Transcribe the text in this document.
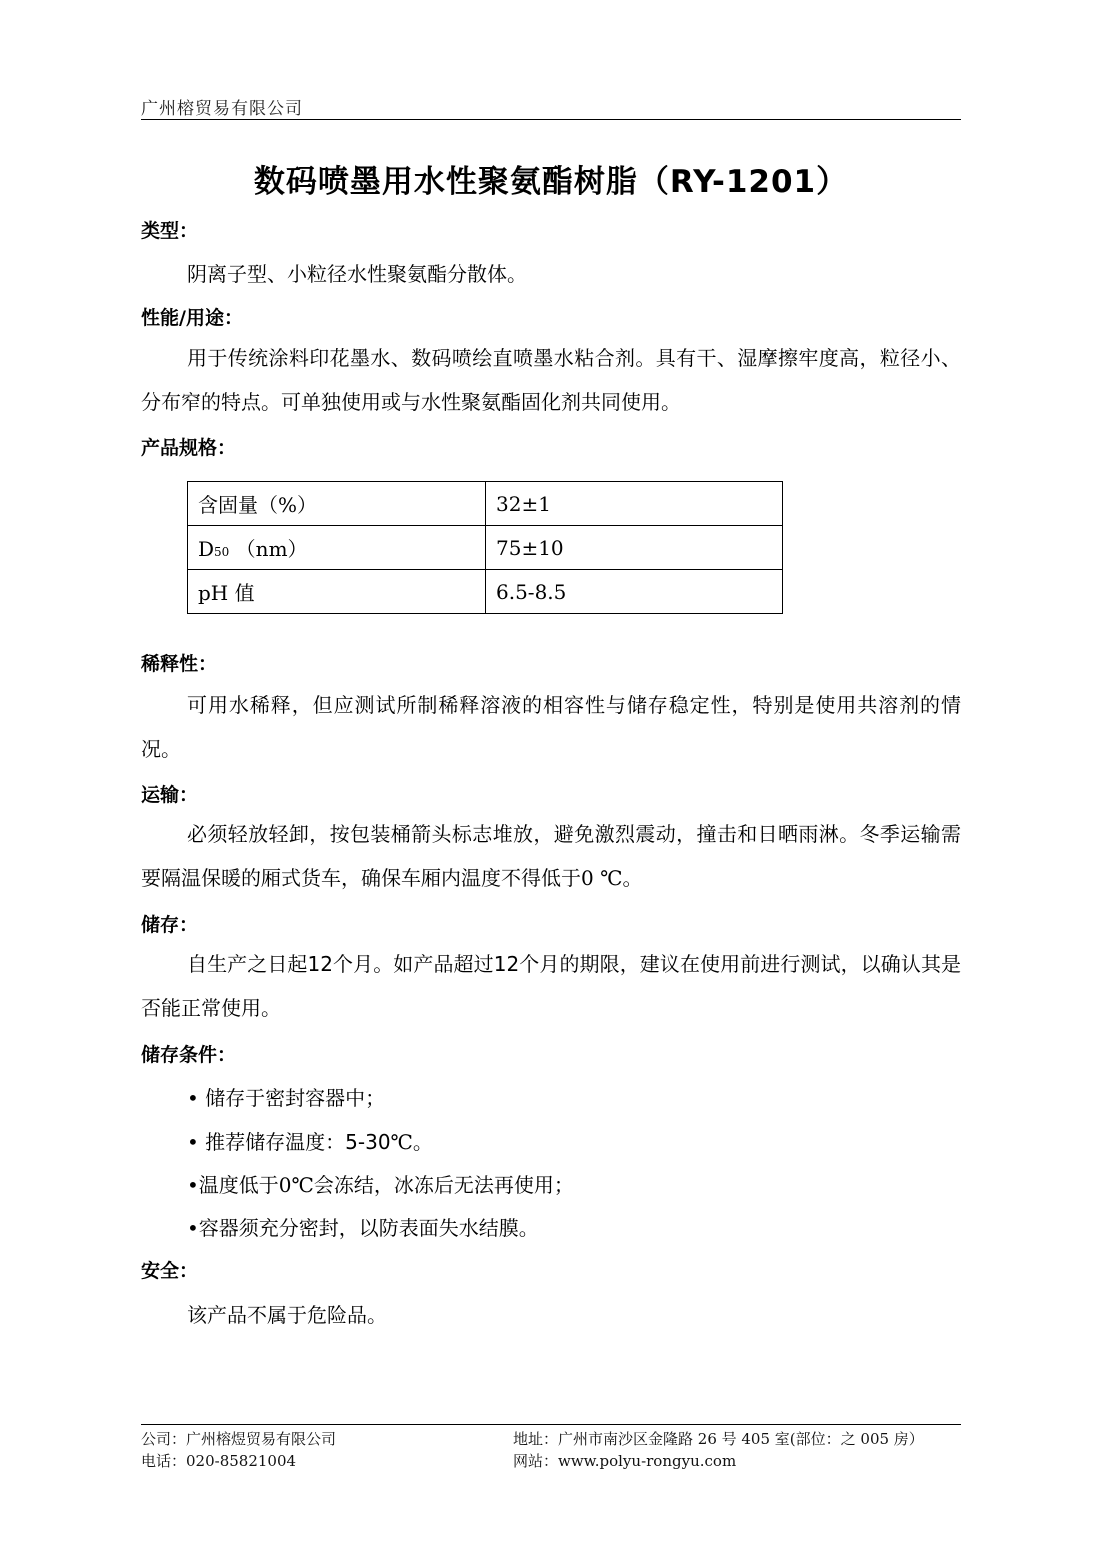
广州榕贸易有限公司
数码喷墨用水性聚氨酯树脂（RY-1201）
类型：
阴离子型、小粒径水性聚氨酯分散体。
性能/用途：
用于传统涂料印花墨水、数码喷绘直喷墨水粘合剂。具有干、湿摩擦牢度高，粒径小、分布窄的特点。可单独使用或与水性聚氨酯固化剂共同使用。
产品规格：
含固量（%）	32±1
D50 （nm）	75±10
pH 值	6.5-8.5
稀释性：
可用水稀释，但应测试所制稀释溶液的相容性与储存稳定性，特别是使用共溶剂的情况。
运输：
必须轻放轻卸，按包装桶箭头标志堆放，避免激烈震动，撞击和日晒雨淋。冬季运输需要隔温保暖的厢式货车，确保车厢内温度不得低于0 ℃。
储存：
自生产之日起12个月。如产品超过12个月的期限，建议在使用前进行测试，以确认其是否能正常使用。
储存条件：
• 储存于密封容器中；
• 推荐储存温度：5-30℃。
•温度低于0℃会冻结，冰冻后无法再使用；
•容器须充分密封，以防表面失水结膜。
安全：
该产品不属于危险品。
公司：广州榕煜贸易有限公司
电话：020-85821004
地址：广州市南沙区金隆路 26 号 405 室(部位：之 005 房）
网站：www.polyu-rongyu.com
